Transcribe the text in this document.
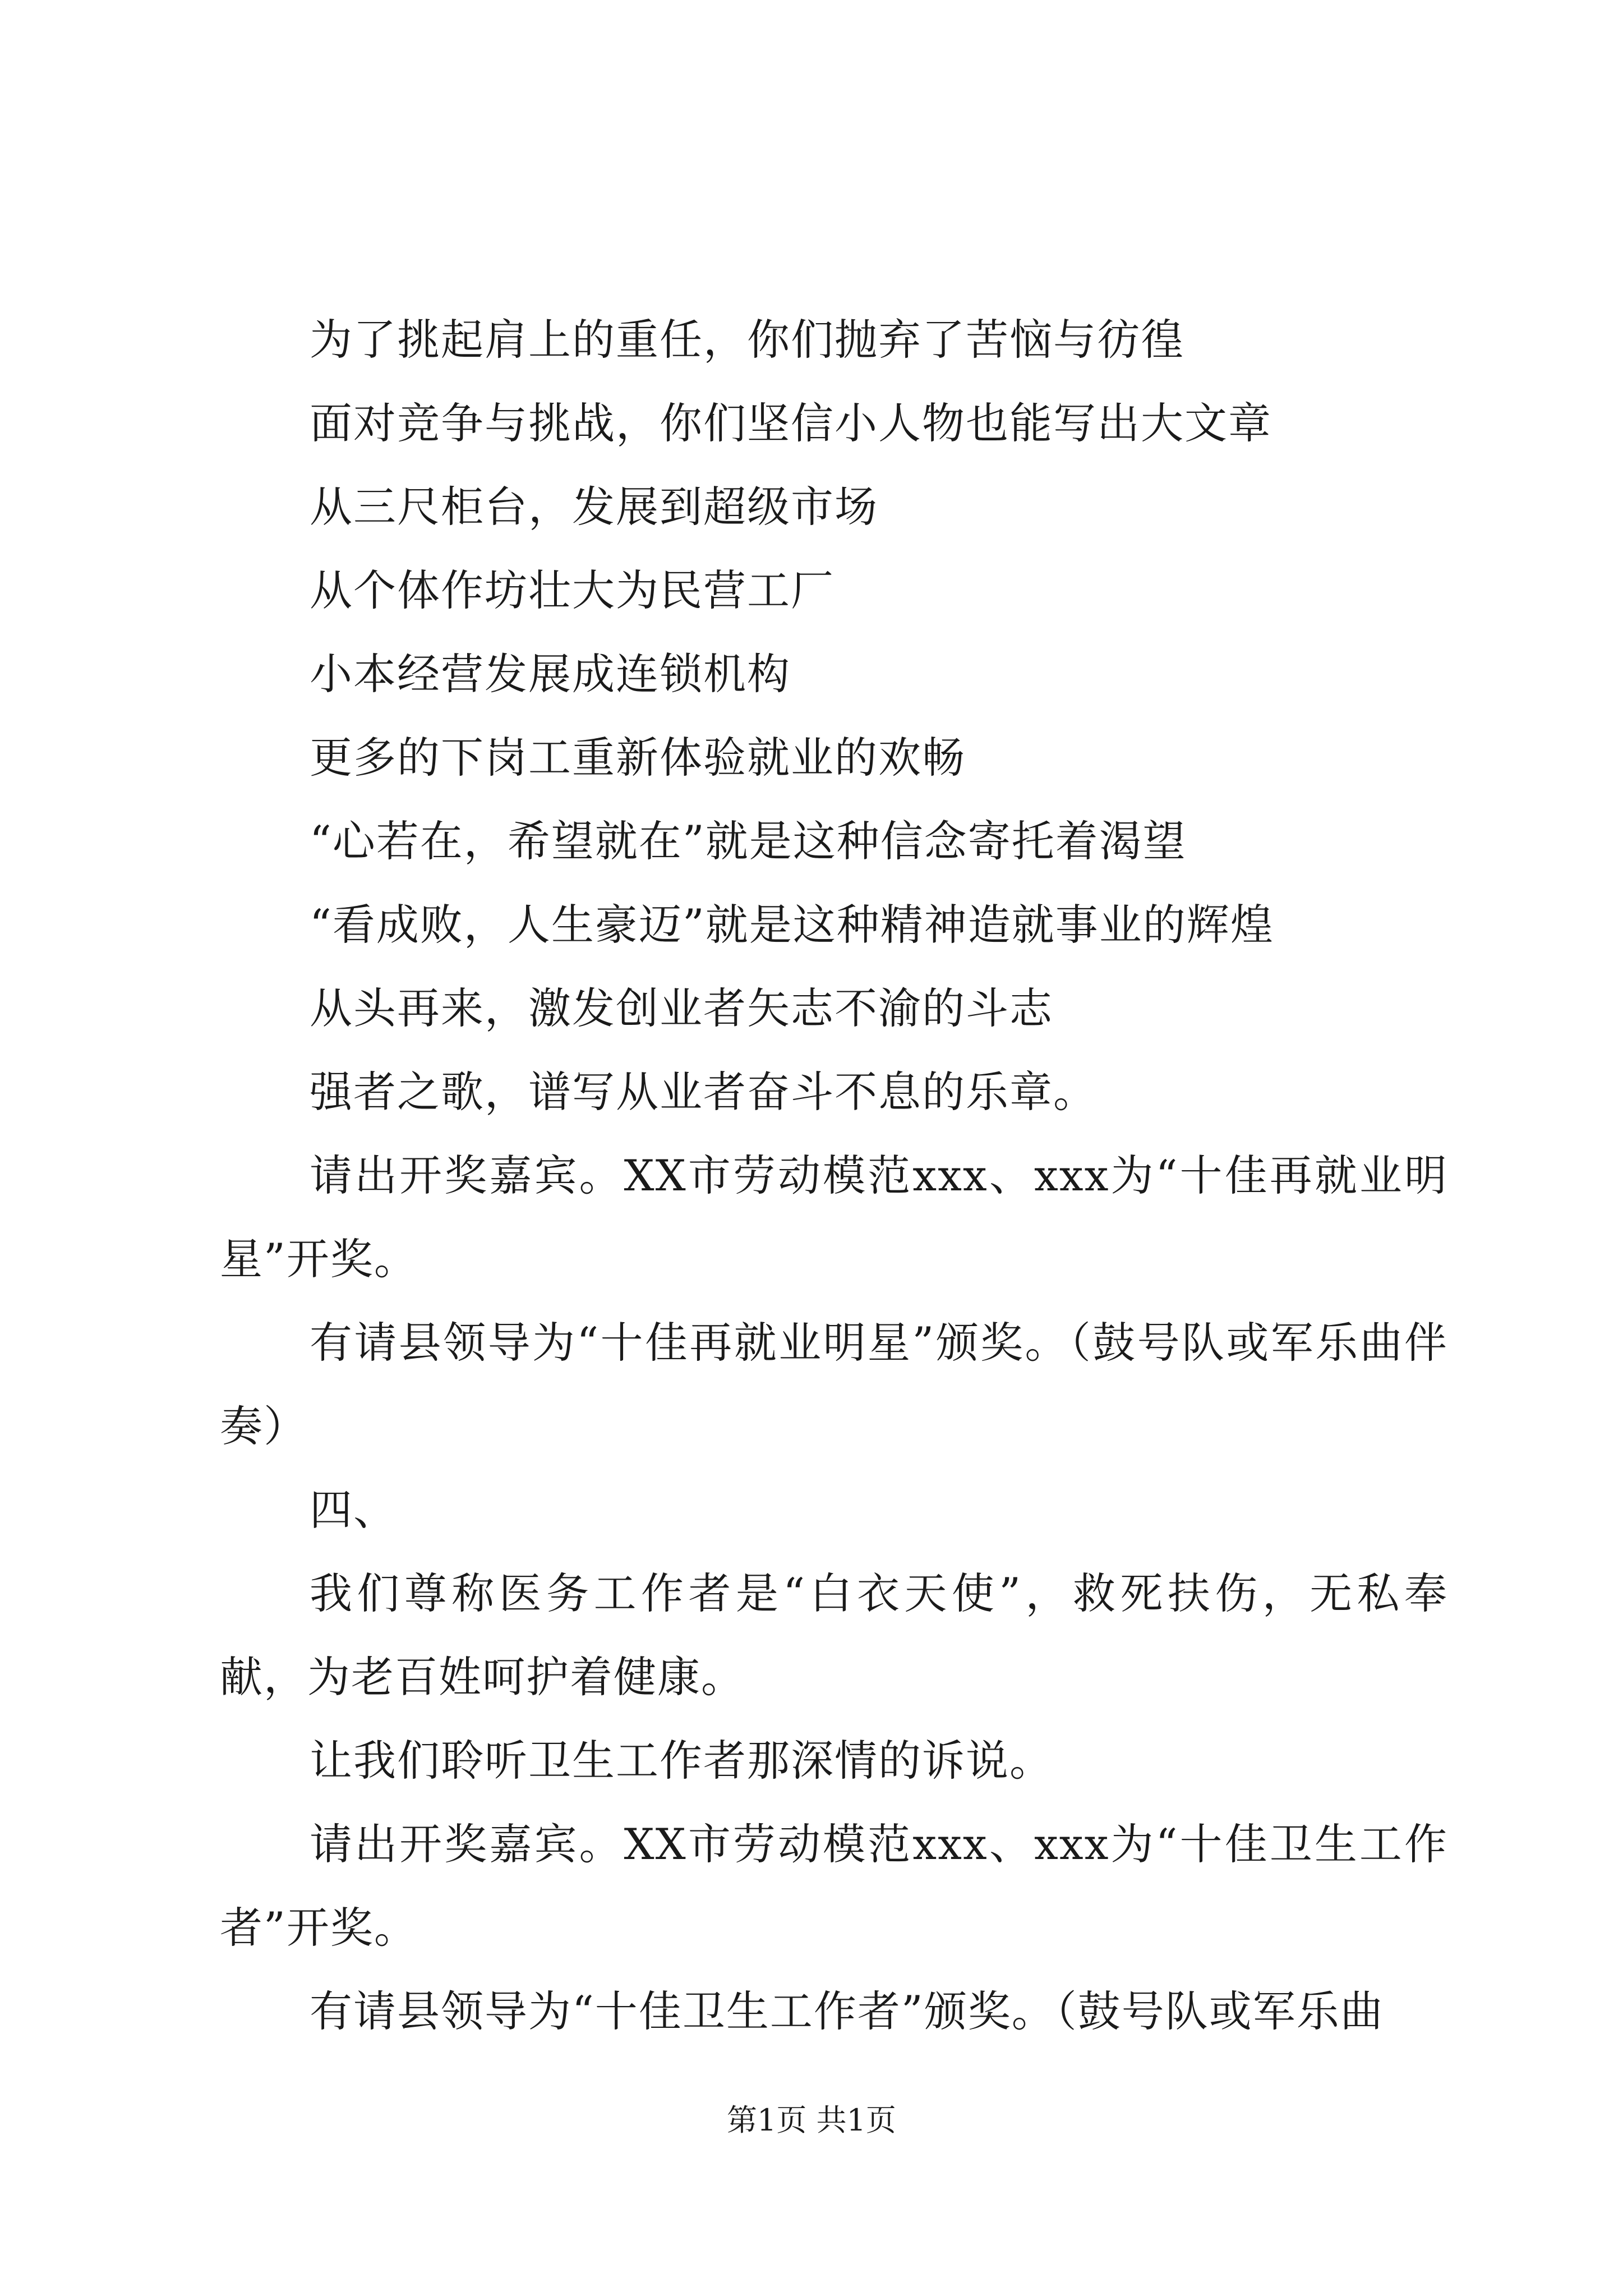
为了挑起肩上的重任，你们抛弃了苦恼与彷徨
面对竞争与挑战，你们坚信小人物也能写出大文章
从三尺柜台，发展到超级市场
从个体作坊壮大为民营工厂
小本经营发展成连锁机构
更多的下岗工重新体验就业的欢畅
“心若在，希望就在”就是这种信念寄托着渴望
“看成败，人生豪迈”就是这种精神造就事业的辉煌
从头再来，激发创业者矢志不渝的斗志
强者之歌，谱写从业者奋斗不息的乐章。
请出开奖嘉宾。XX市劳动模范xxx、xxx为“十佳再就业明星”开奖。
有请县领导为“十佳再就业明星”颁奖。（鼓号队或军乐曲伴奏）
四、
我们尊称医务工作者是“白衣天使”，救死扶伤，无私奉献，为老百姓呵护着健康。
让我们聆听卫生工作者那深情的诉说。
请出开奖嘉宾。XX市劳动模范xxx、xxx为“十佳卫生工作者”开奖。
有请县领导为“十佳卫生工作者”颁奖。（鼓号队或军乐曲
第1页 共1页
